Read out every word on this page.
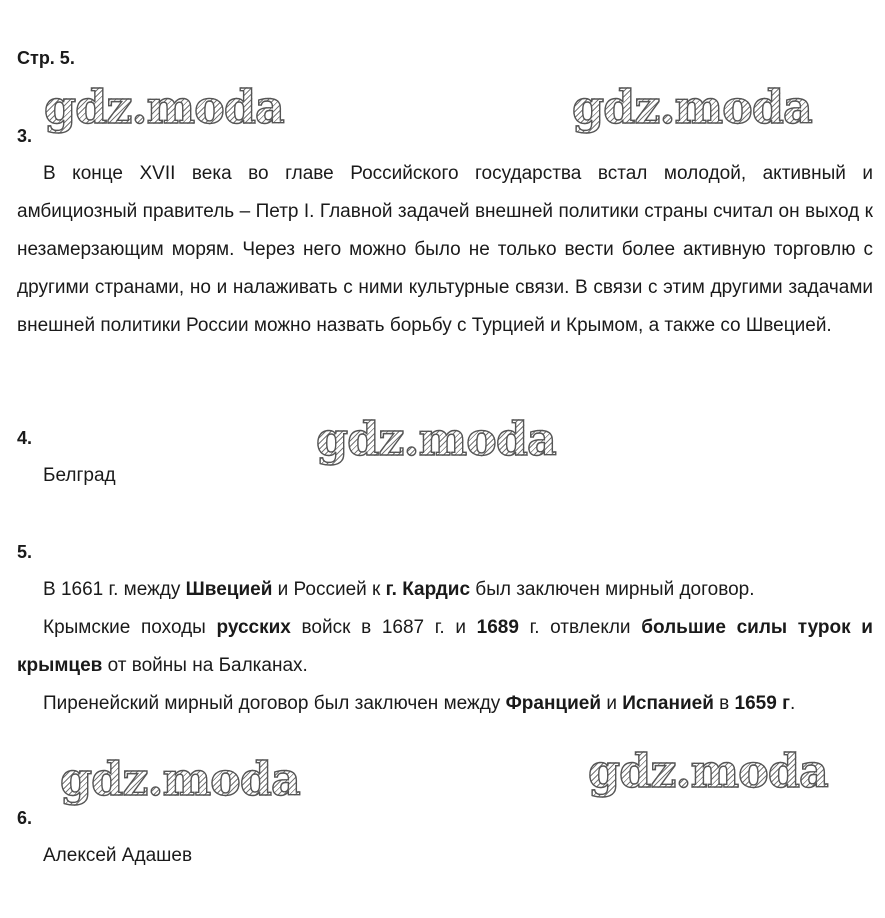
Стр. 5.
gdz.moda	gdz.moda
gdz.moda
gdz.moda	gdz.moda
3.
В конце XVII века во главе Российского государства встал молодой, активный и амбициозный правитель – Петр I. Главной задачей внешней политики страны считал он выход к незамерзающим морям. Через него можно было не только вести более активную торговлю с другими странами, но и налаживать с ними культурные связи. В связи с этим другими задачами внешней политики России можно назвать борьбу с Турцией и Крымом, а также со Швецией.
4.
Белград
5.
В 1661 г. между Швецией и Россией к г. Кардис был заключен мирный договор.
Крымские походы русских войск в 1687 г. и 1689 г. отвлекли большие силы турок и крымцев от войны на Балканах.
Пиренейский мирный договор был заключен между Францией и Испанией в 1659 г.
6.
Алексей Адашев
